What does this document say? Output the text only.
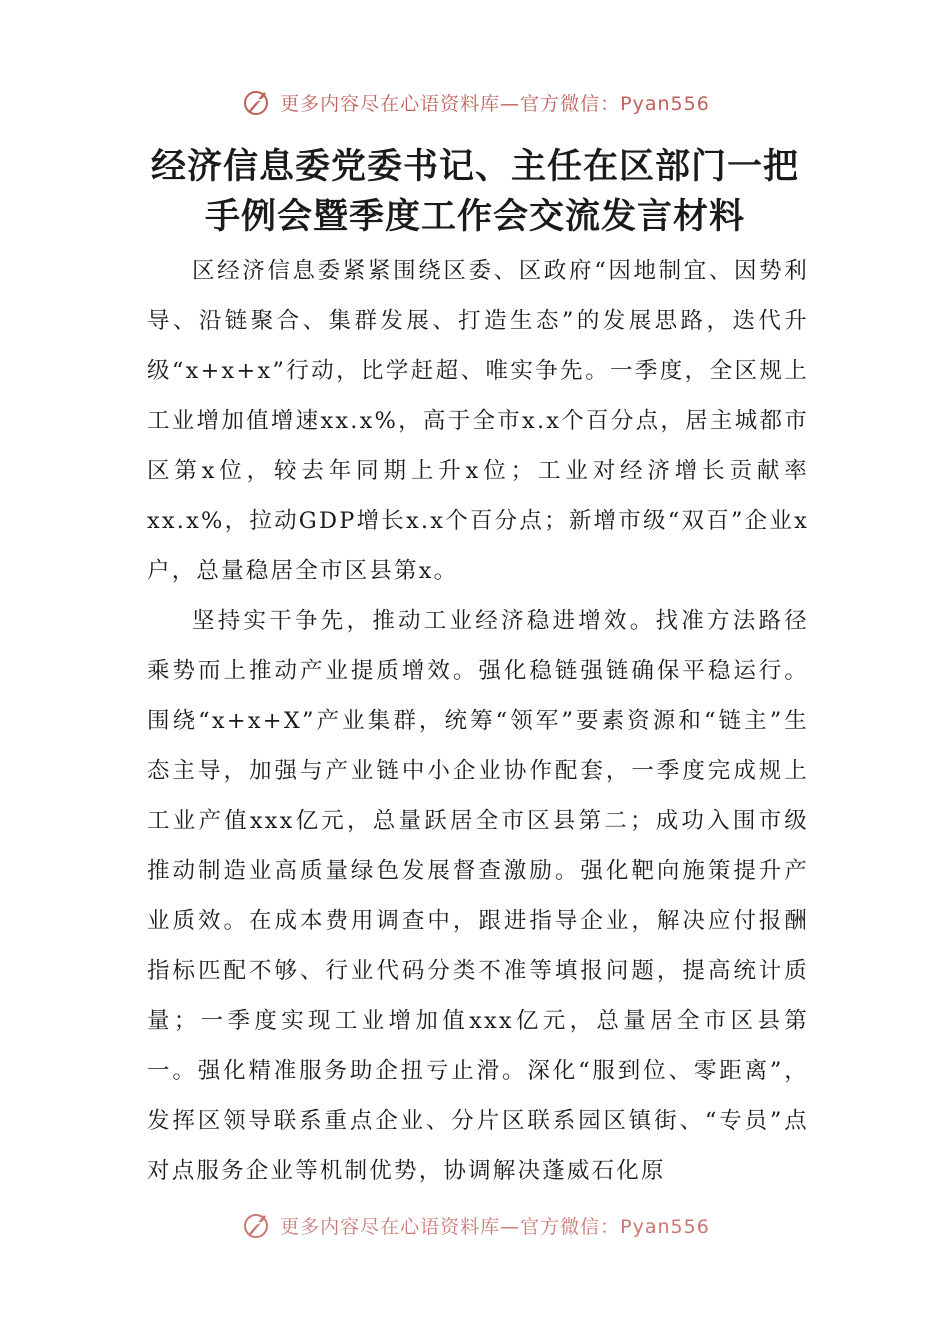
更多内容尽在心语资料库—官方微信：Pyan556
经济信息委党委书记、主任在区部门一把
手例会暨季度工作会交流发言材料

区经济信息委紧紧围绕区委、区政府“因地制宜、因势利导、沿链聚合、集群发展、打造生态”的发展思路，迭代升级“x+x+x”行动，比学赶超、唯实争先。一季度，全区规上工业增加值增速xx.x%，高于全市x.x个百分点，居主城都市区第x位，较去年同期上升x位；工业对经济增长贡献率xx.x%，拉动GDP增长x.x个百分点；新增市级“双百”企业x户，总量稳居全市区县第x。

坚持实干争先，推动工业经济稳进增效。找准方法路径乘势而上推动产业提质增效。强化稳链强链确保平稳运行。围绕“x+x+X”产业集群，统筹“领军”要素资源和“链主”生态主导，加强与产业链中小企业协作配套，一季度完成规上工业产值xxx亿元，总量跃居全市区县第二；成功入围市级推动制造业高质量绿色发展督查激励。强化靶向施策提升产业质效。在成本费用调查中，跟进指导企业，解决应付报酬指标匹配不够、行业代码分类不准等填报问题，提高统计质量；一季度实现工业增加值xxx亿元，总量居全市区县第一。强化精准服务助企扭亏止滑。深化“服到位、零距离”，发挥区领导联系重点企业、分片区联系园区镇街、“专员”点对点服务企业等机制优势，协调解决蓬威石化原

更多内容尽在心语资料库—官方微信：Pyan556
